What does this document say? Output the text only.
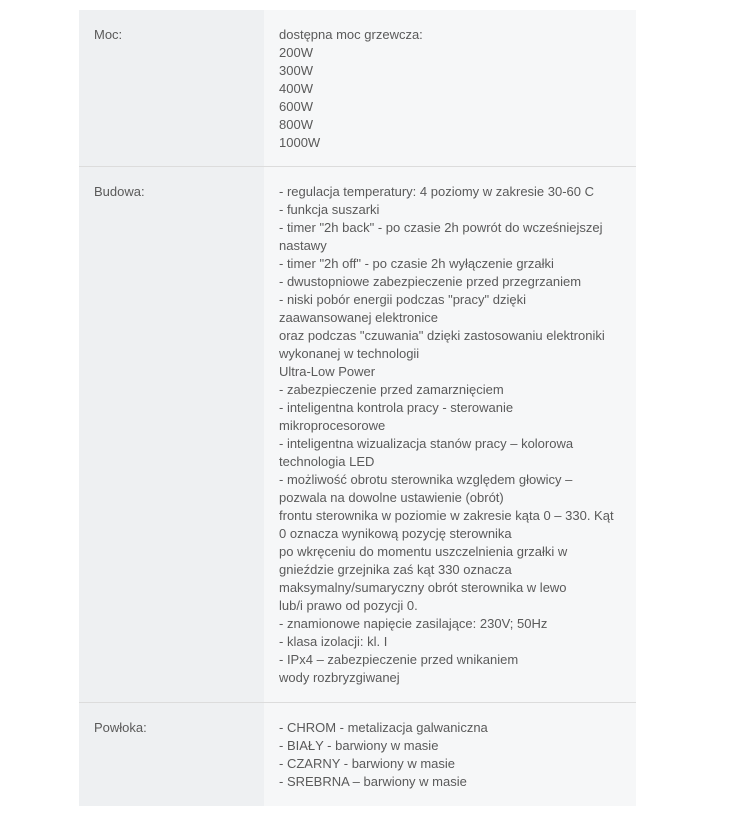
Moc:	dostępna moc grzewcza:
200W
300W
400W
600W
800W
1000W
Budowa:	- regulacja temperatury: 4 poziomy w zakresie 30-60 C
- funkcja suszarki
- timer "2h back" - po czasie 2h powrót do wcześniejszej
nastawy
- timer "2h off" - po czasie 2h wyłączenie grzałki
- dwustopniowe zabezpieczenie przed przegrzaniem
- niski pobór energii podczas "pracy" dzięki
zaawansowanej elektronice
oraz podczas "czuwania" dzięki zastosowaniu elektroniki
wykonanej w technologii
Ultra-Low Power
- zabezpieczenie przed zamarznięciem
- inteligentna kontrola pracy - sterowanie
mikroprocesorowe
- inteligentna wizualizacja stanów pracy – kolorowa
technologia LED
- możliwość obrotu sterownika względem głowicy –
pozwala na dowolne ustawienie (obrót)
frontu sterownika w poziomie w zakresie kąta 0 – 330. Kąt
0 oznacza wynikową pozycję sterownika
po wkręceniu do momentu uszczelnienia grzałki w
gnieździe grzejnika zaś kąt 330 oznacza
maksymalny/sumaryczny obrót sterownika w lewo
lub/i prawo od pozycji 0.
- znamionowe napięcie zasilające: 230V; 50Hz
- klasa izolacji: kl. I
- IPx4 – zabezpieczenie przed wnikaniem
wody rozbryzgiwanej
Powłoka:	- CHROM - metalizacja galwaniczna
- BIAŁY - barwiony w masie
- CZARNY - barwiony w masie
- SREBRNA – barwiony w masie
